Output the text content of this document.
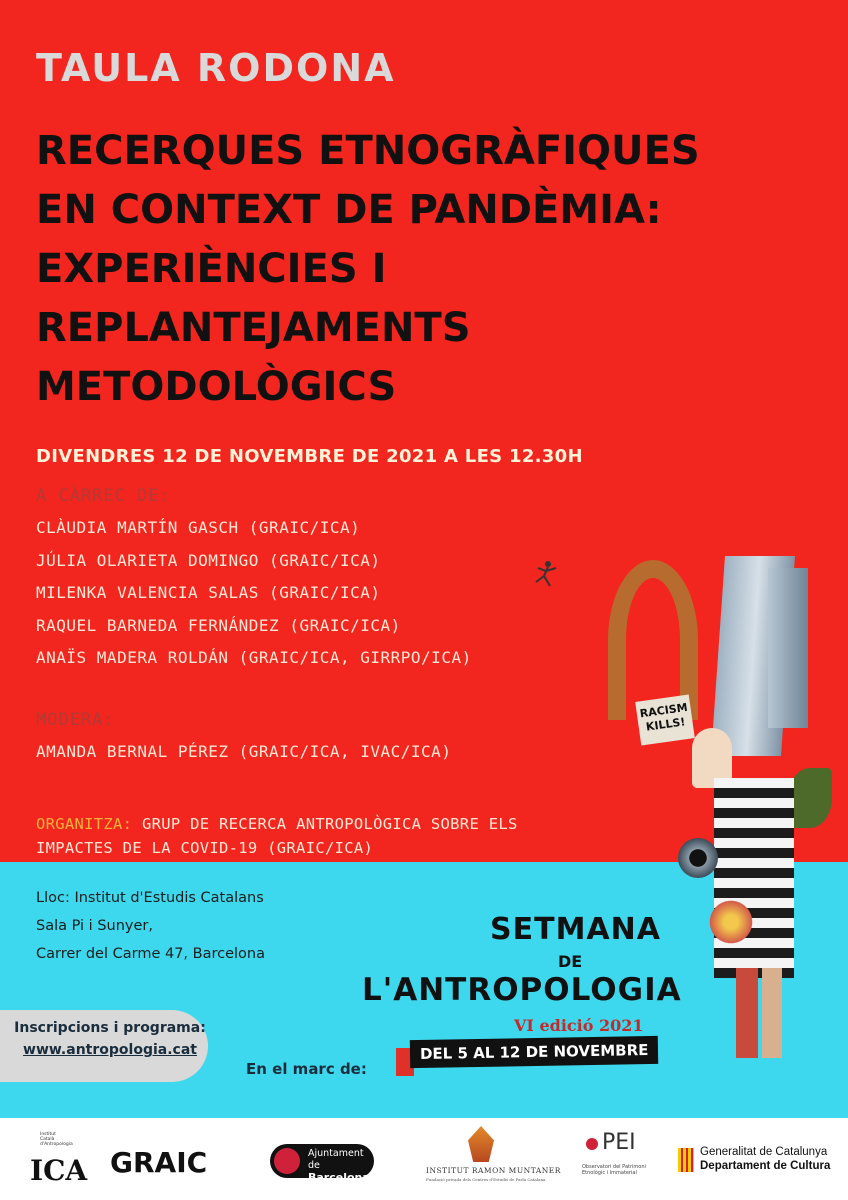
TAULA RODONA
RECERQUES ETNOGRÀFIQUES
EN CONTEXT DE PANDÈMIA:
EXPERIÈNCIES I
REPLANTEJAMENTS
METODOLÒGICS
DIVENDRES 12 DE NOVEMBRE DE 2021 A LES 12.30H
A CÀRREC DE:
CLÀUDIA MARTÍN GASCH (GRAIC/ICA)
JÚLIA OLARIETA DOMINGO (GRAIC/ICA)
MILENKA VALENCIA SALAS (GRAIC/ICA)
RAQUEL BARNEDA FERNÁNDEZ (GRAIC/ICA)
ANAÏS MADERA ROLDÁN (GRAIC/ICA, GIRRPO/ICA)
MODERA:
AMANDA BERNAL PÉREZ (GRAIC/ICA, IVAC/ICA)
ORGANITZA: GRUP DE RECERCA ANTROPOLÒGICA SOBRE ELS
IMPACTES DE LA COVID-19 (GRAIC/ICA)
Lloc: Institut d'Estudis Catalans
Sala Pi i Sunyer,
Carrer del Carme 47, Barcelona
Inscripcions i programa:
www.antropologia.cat
En el marc de:
SETMANA
DE
L'ANTROPOLOGIA
VI edició 2021
DEL 5 AL 12 DE NOVEMBRE
RACISM KILLS!
Institut
Català
d'Antropologia
ICA GRAIC	Ajuntament de
Barcelona
INSTITUT RAMON MUNTANER
Fundació privada dels Centres d'Estudis de Parla Catalana
PEI
Observatori del Patrimoni Etnològic i Immaterial
Generalitat de Catalunya
Departament de Cultura
